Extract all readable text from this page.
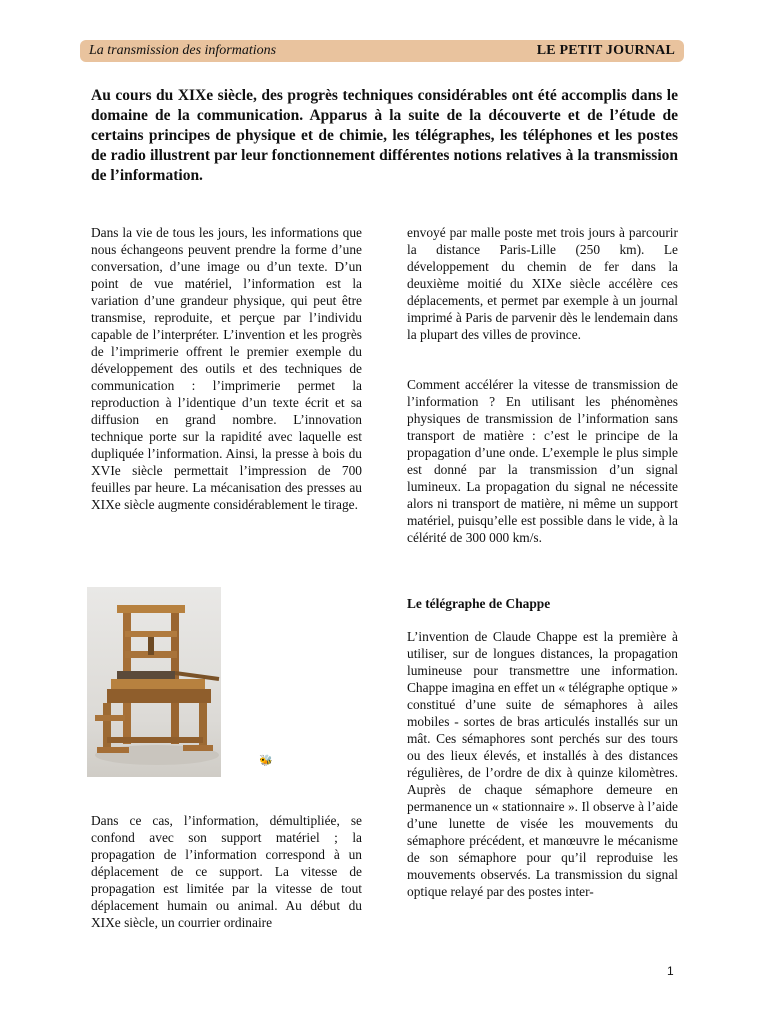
La transmission des informations	LE PETIT JOURNAL

Au cours du XIXe siècle, des progrès techniques considérables ont été accomplis dans le domaine de la communication. Apparus à la suite de la découverte et de l’étude de certains principes de physique et de chimie, les télégraphes, les téléphones et les postes de radio illustrent par leur fonctionnement différentes notions relatives à la transmission de l’information.

Dans la vie de tous les jours, les informations que nous échangeons peuvent prendre la forme d’une conversation, d’une image ou d’un texte. D’un point de vue matériel, l’information est la variation d’une grandeur physique, qui peut être transmise, reproduite, et perçue par l’individu capable de l’interpréter. L’invention et les progrès de l’imprimerie offrent le premier exemple du développement des outils et des techniques de communication : l’imprimerie permet la reproduction à l’identique d’un texte écrit et sa diffusion en grand nombre. L’innovation technique porte sur la rapidité avec laquelle est dupliquée l’information. Ainsi, la presse à bois du XVIe siècle permettait l’impression de 700 feuilles par heure. La mécanisation des presses au XIXe siècle augmente considérablement le tirage.

🐝

Dans ce cas, l’information, démultipliée, se confond avec son support matériel ; la propagation de l’information correspond à un déplacement de ce support. La vitesse de propagation est limitée par la vitesse de tout déplacement humain ou animal. Au début du XIXe siècle, un courrier ordinaire

envoyé par malle poste met trois jours à parcourir la distance Paris-Lille (250 km). Le développement du chemin de fer dans la deuxième moitié du XIXe siècle accélère ces déplacements, et permet par exemple à un journal imprimé à Paris de parvenir dès le lendemain dans la plupart des villes de province.

Comment accélérer la vitesse de transmission de l’information ? En utilisant les phénomènes physiques de transmission de l’information sans transport de matière : c’est le principe de la propagation d’une onde. L’exemple le plus simple est donné par la transmission d’un signal lumineux. La propagation du signal ne nécessite alors ni transport de matière, ni même un support matériel, puisqu’elle est possible dans le vide, à la célérité de 300 000 km/s.

Le télégraphe de Chappe

L’invention de Claude Chappe est la première à utiliser, sur de longues distances, la propagation lumineuse pour transmettre une information. Chappe imagina en effet un « télégraphe optique » constitué d’une suite de sémaphores à ailes mobiles - sortes de bras articulés installés sur un mât. Ces sémaphores sont perchés sur des tours ou des lieux élevés, et installés à des distances régulières, de l’ordre de dix à quinze kilomètres. Auprès de chaque sémaphore demeure en permanence un « stationnaire ». Il observe à l’aide d’une lunette de visée les mouvements du sémaphore précédent, et manœuvre le mécanisme de son sémaphore pour qu’il reproduise les mouvements observés. La transmission du signal optique relayé par des postes inter-

1
